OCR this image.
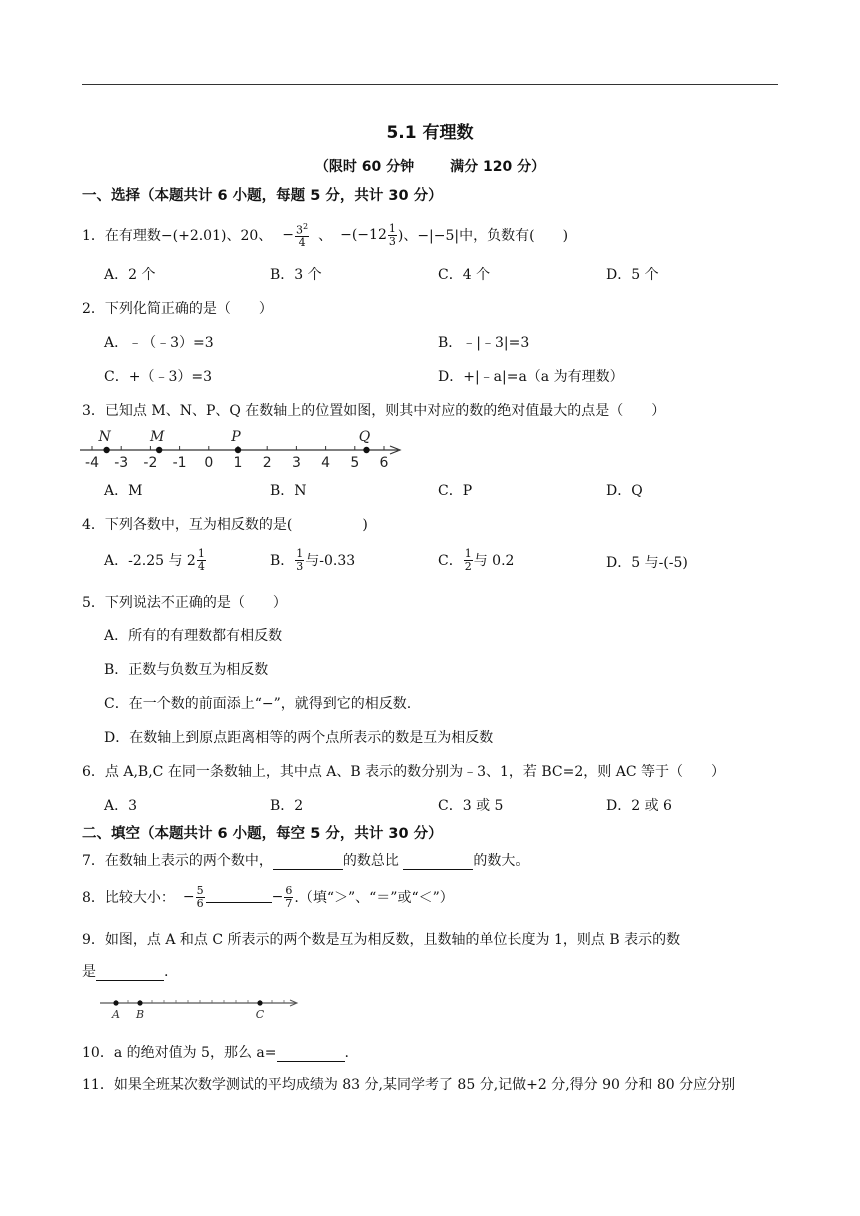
5.1 有理数
（限时 60 分钟	满分 120 分）
一、选择（本题共计 6 小题，每题 5 分，共计 30 分）
1．在有理数−(+2.01)、20、 − $\frac{3^2}{4}$ 、 $-(-12 \frac{1}{3}$ )、−|−5|中，负数有(　　)
A．2 个	B．3 个	C．4 个	D．5 个
2．下列化简正确的是（　　）
A．﹣（﹣3）=3	B．﹣|﹣3|=3
C．+（﹣3）=3	D．+|﹣a|=a（a 为有理数）
3．已知点 M、N、P、Q 在数轴上的位置如图，则其中对应的数的绝对值最大的点是（　　）
-4 -3 -2 -1 0 1 2 3 4 5 6
N	M	P	Q
A．M	B．N	C．P	D．Q
4．下列各数中，互为相反数的是(　　　　　)
A．-2.25 与 $2 \frac{1}{4}$	B． $\frac{1}{3}$ 与-0.33	C． $\frac{1}{2}$ 与 0.2	D．5 与-(-5)
5．下列说法不正确的是（　　）
A．所有的有理数都有相反数
B．正数与负数互为相反数
C．在一个数的前面添上“−”，就得到它的相反数.
D．在数轴上到原点距离相等的两个点所表示的数是互为相反数
6．点 A,B,C 在同一条数轴上，其中点 A、B 表示的数分别为﹣3、1，若 BC=2，则 AC 等于（　　）
A．3	B．2	C．3 或 5	D．2 或 6
二、填空（本题共计 6 小题，每空 5 分，共计 30 分）
7．在数轴上表示的两个数中，	的数总比	的数大。
8．比较大小： − $\frac{5}{6}$	− $\frac{6}{7}$ .（填“＞”、“＝”或“＜”）
9．如图，点 A 和点 C 所表示的两个数是互为相反数，且数轴的单位长度为 1，则点 B 表示的数
是	.
A B	C
10．a 的绝对值为 5，那么 a=	.
11．如果全班某次数学测试的平均成绩为 83 分,某同学考了 85 分,记做+2 分,得分 90 分和 80 分应分别
